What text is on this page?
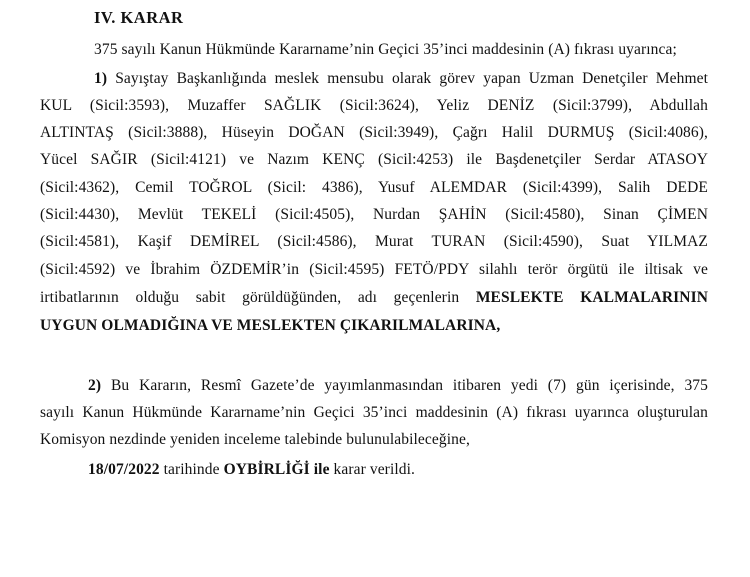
IV. KARAR
375 sayılı Kanun Hükmünde Kararname’nin Geçici 35’inci maddesinin (A) fıkrası uyarınca;
1) Sayıştay Başkanlığında meslek mensubu olarak görev yapan Uzman Denetçiler Mehmet
KUL (Sicil:3593), Muzaffer SAĞLIK (Sicil:3624), Yeliz DENİZ (Sicil:3799), Abdullah
ALTINTAŞ (Sicil:3888), Hüseyin DOĞAN (Sicil:3949), Çağrı Halil DURMUŞ (Sicil:4086),
Yücel SAĞIR (Sicil:4121) ve Nazım KENÇ (Sicil:4253) ile Başdenetçiler Serdar ATASOY
(Sicil:4362), Cemil TOĞROL (Sicil: 4386), Yusuf ALEMDAR (Sicil:4399), Salih DEDE
(Sicil:4430), Mevlüt TEKELİ (Sicil:4505), Nurdan ŞAHİN (Sicil:4580), Sinan ÇİMEN
(Sicil:4581), Kaşif DEMİREL (Sicil:4586), Murat TURAN (Sicil:4590), Suat YILMAZ
(Sicil:4592) ve İbrahim ÖZDEMİR’in (Sicil:4595) FETÖ/PDY silahlı terör örgütü ile iltisak ve
irtibatlarının olduğu sabit görüldüğünden, adı geçenlerin MESLEKTE KALMALARININ
UYGUN OLMADIĞINA VE MESLEKTEN ÇIKARILMALARINA,
2) Bu Kararın, Resmî Gazete’de yayımlanmasından itibaren yedi (7) gün içerisinde, 375
sayılı Kanun Hükmünde Kararname’nin Geçici 35’inci maddesinin (A) fıkrası uyarınca oluşturulan
Komisyon nezdinde yeniden inceleme talebinde bulunulabileceğine,
18/07/2022 tarihinde OYBİRLİĞİ ile karar verildi.
